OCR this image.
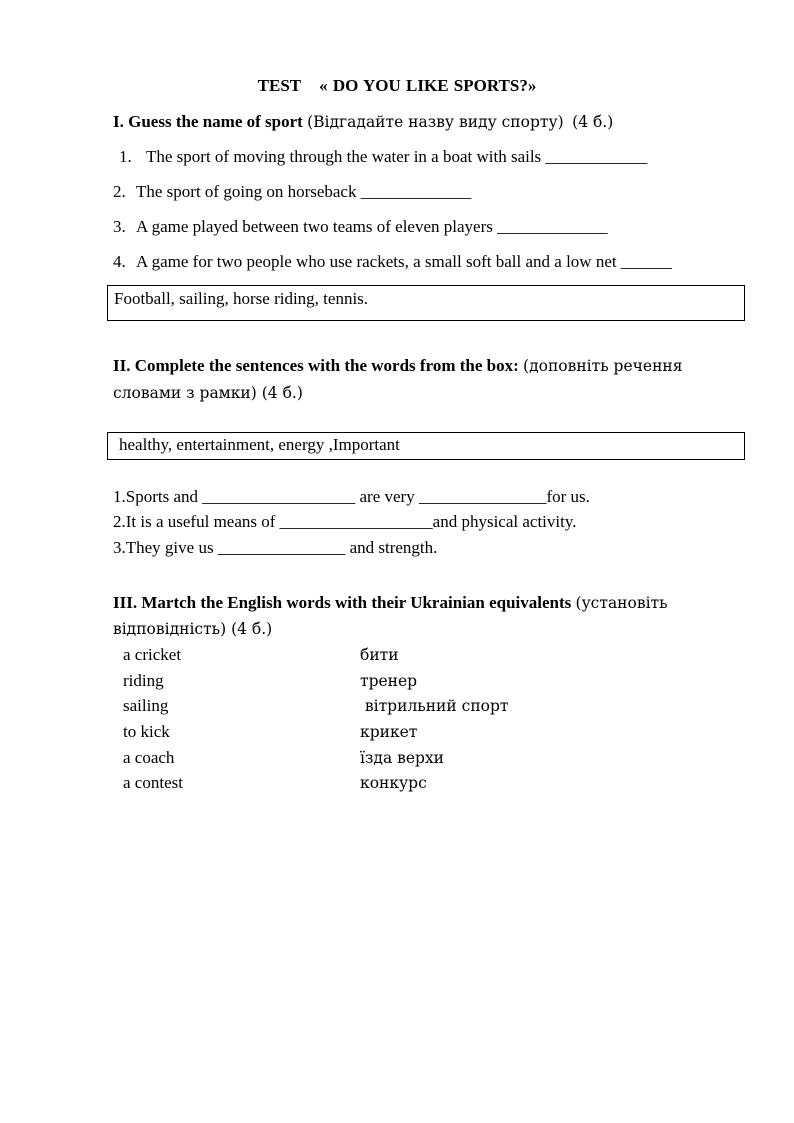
TEST « DO YOU LIKE SPORTS?»
I. Guess the name of sport (Відгадайте назву виду спорту) (4 б.)
1. The sport of moving through the water in a boat with sails ____________
2. The sport of going on horseback _____________
3. A game played between two teams of eleven players _____________
4. A game for two people who use rackets, a small soft ball and a low net ______
Football, sailing, horse riding, tennis.
II. Complete the sentences with the words from the box: (доповніть речення
словами з рамки) (4 б.)
healthy, entertainment, energy ,Important
1.Sports and __________________ are very _______________for us.
2.It is a useful means of __________________and physical activity.
3.They give us _______________ and strength.
III. Martch the English words with their Ukrainian equivalents (установіть
відповідність) (4 б.)
a cricket
riding
sailing
to kick
a coach
a contest
бити
тренер
вітрильний спорт
крикет
їзда верхи
конкурс
